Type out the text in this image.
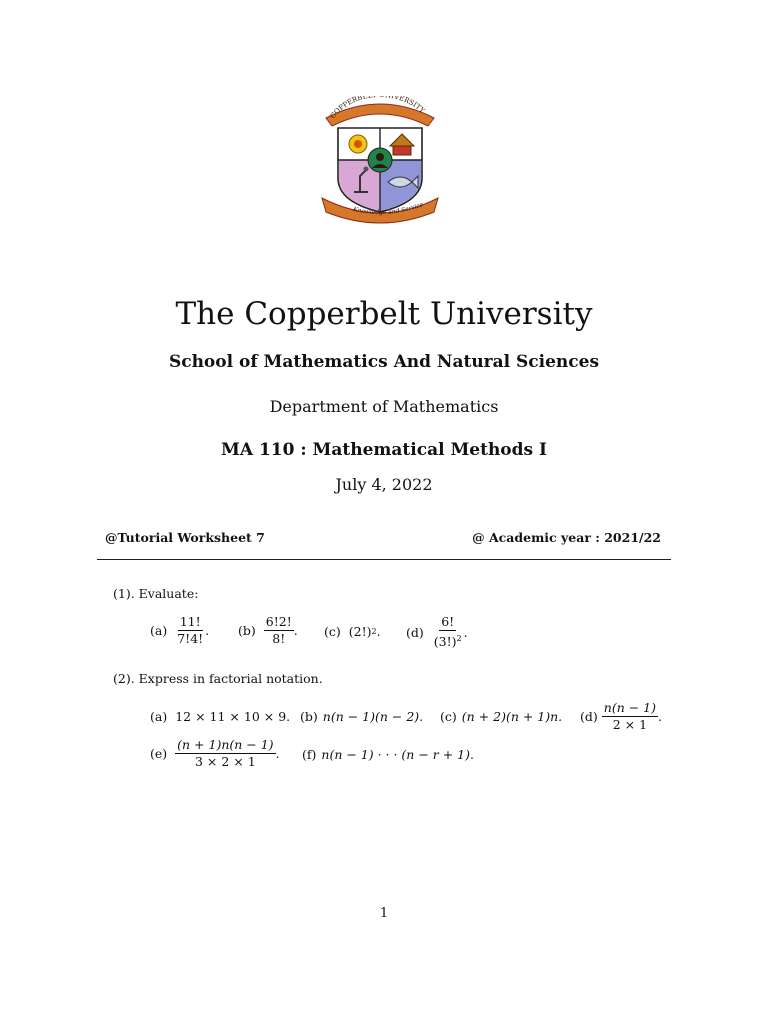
COPPERBE IVERSITY
Knowledge and Service
The Copperbelt University
School of Mathematics And Natural Sciences
Department of Mathematics
MA 110 : Mathematical Methods I
July 4, 2022
@Tutorial Worksheet 7	@ Academic year : 2021/22
(1). Evaluate:
$(a) \frac{11!}{7!4!}$ . $(b) \frac{6!2!}{8!}$ . (c) (2!) 2 . $(d) \frac{6!}{(3!)^2}$ .
(2). Express in factorial notation.
(a) 12 × 11 × 10 × 9. (b) n(n − 1)(n − 2). (c) (n + 2)(n + 1)n. $(d) \frac{n(n - 1)}{2 \times 1}$ .
$(e) \frac{(n + 1)n(n - 1)}{3 \times 2 \times 1}$ . (f) n(n − 1) · · · (n − r + 1).
1
